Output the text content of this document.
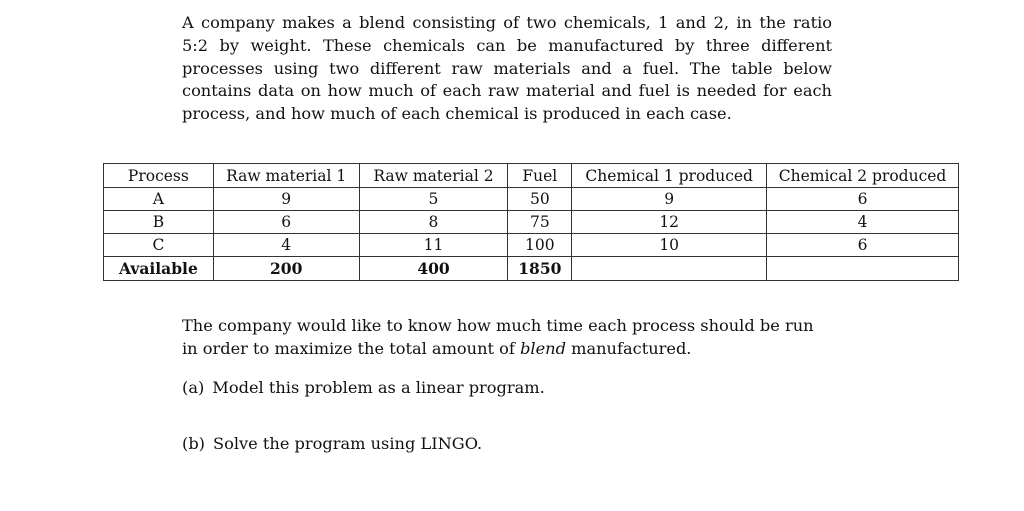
A company makes a blend consisting of two chemicals, 1 and 2, in the ratio 5:2 by weight. These chemicals can be manufactured by three different processes using two different raw materials and a fuel. The table below contains data on how much of each raw material and fuel is needed for each process, and how much of each chemical is produced in each case.

Process	Raw material 1	Raw material 2	Fuel	Chemical 1 produced	Chemical 2 produced
A	9	5	50	9	6
B	6	8	75	12	4
C	4	11	100	10	6
Available	200	400	1850		

The company would like to know how much time each process should be run in order to maximize the total amount of blend manufactured.

(a) Model this problem as a linear program.

(b) Solve the program using LINGO.
